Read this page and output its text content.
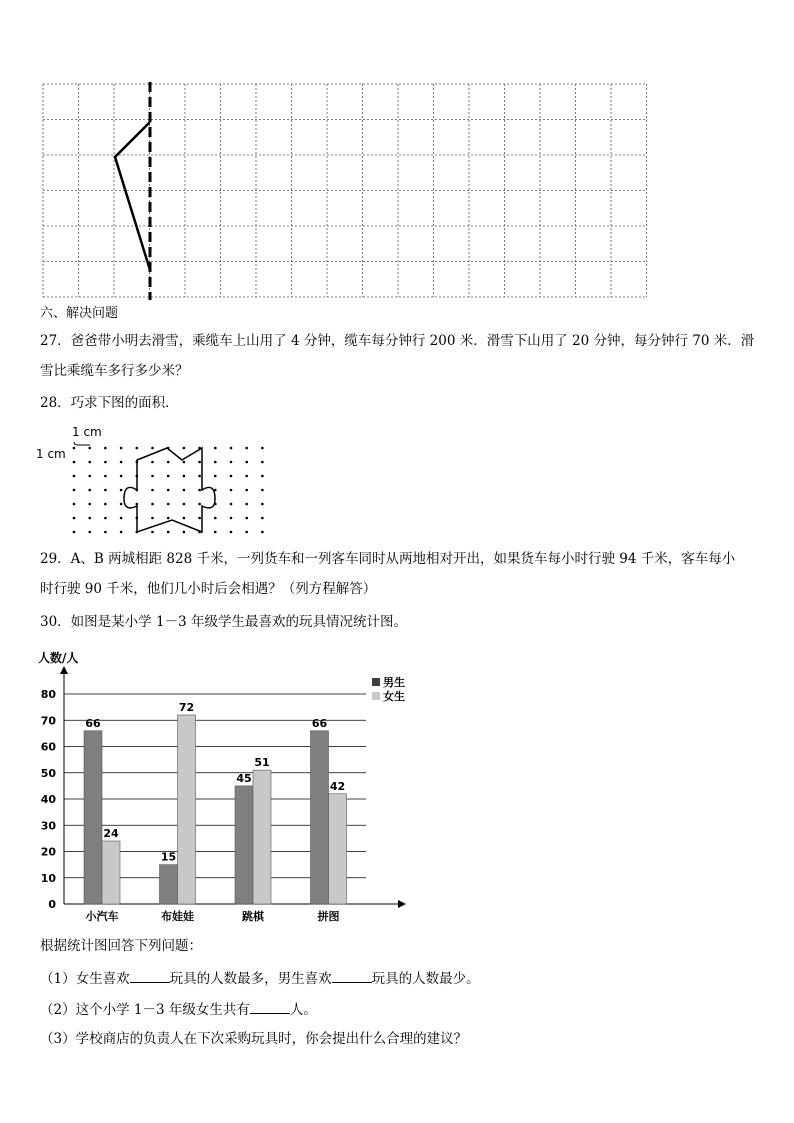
六、解决问题
27．爸爸带小明去滑雪，乘缆车上山用了 4 分钟，缆车每分钟行 200 米．滑雪下山用了 20 分钟，每分钟行 70 米．滑
雪比乘缆车多行多少米？
28．巧求下图的面积．
1 cm
1 cm
29．A、B 两城相距 828 千米，一列货车和一列客车同时从两地相对开出，如果货车每小时行驶 94 千米，客车每小
时行驶 90 千米，他们几小时后会相遇？（列方程解答）
30．如图是某小学 1－3 年级学生最喜欢的玩具情况统计图。
人数/人
0
10
20
30
40
50
60
70
80
66
24
小汽车
15
72
布娃娃
45
51
跳棋
66
42
拼图
男生
女生
根据统计图回答下列问题：
（1）女生喜欢	玩具的人数最多，男生喜欢	玩具的人数最少。
（2）这个小学 1－3 年级女生共有	人。
（3）学校商店的负责人在下次采购玩具时，你会提出什么合理的建议？
